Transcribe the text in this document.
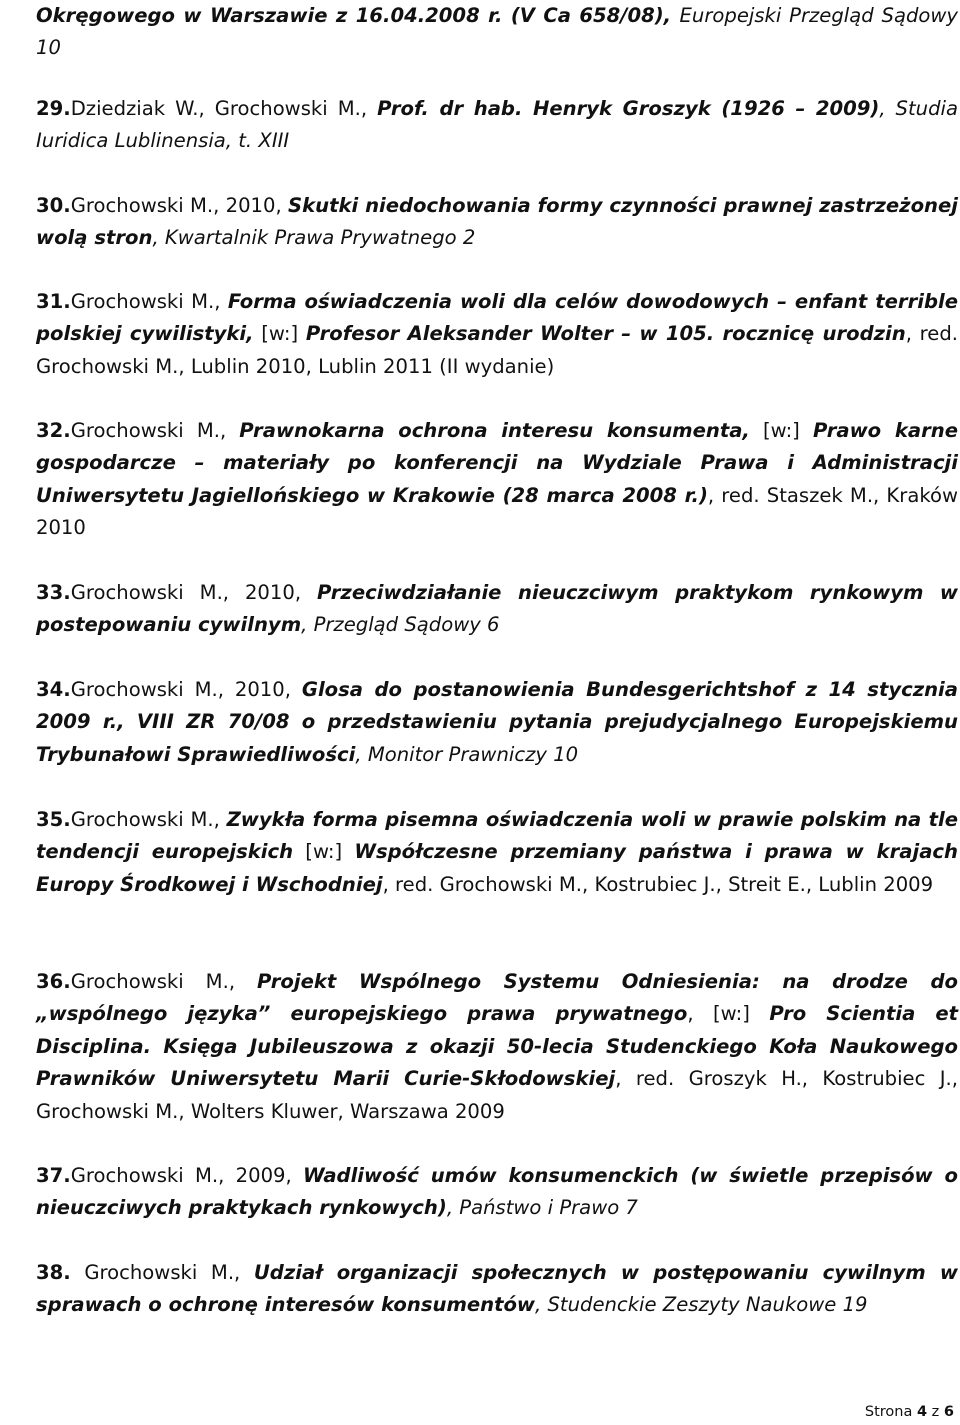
Okręgowego w Warszawie z 16.04.2008 r. (V Ca 658/08), Europejski Przegląd Sądowy 10
29.Dziedziak W., Grochowski M., Prof. dr hab. Henryk Groszyk (1926 – 2009), Studia Iuridica Lublinensia, t. XIII
30.Grochowski M., 2010, Skutki niedochowania formy czynności prawnej zastrzeżonej wolą stron, Kwartalnik Prawa Prywatnego 2
31.Grochowski M., Forma oświadczenia woli dla celów dowodowych – enfant terrible polskiej cywilistyki, [w:] Profesor Aleksander Wolter – w 105. rocznicę urodzin, red. Grochowski M., Lublin 2010, Lublin 2011 (II wydanie)
32.Grochowski M., Prawnokarna ochrona interesu konsumenta, [w:] Prawo karne gospodarcze – materiały po konferencji na Wydziale Prawa i Administracji Uniwersytetu Jagiellońskiego w Krakowie (28 marca 2008 r.), red. Staszek M., Kraków 2010
33.Grochowski M., 2010, Przeciwdziałanie nieuczciwym praktykom rynkowym w postepowaniu cywilnym, Przegląd Sądowy 6
34.Grochowski M., 2010, Glosa do postanowienia Bundesgerichtshof z 14 stycznia 2009 r., VIII ZR 70/08 o przedstawieniu pytania prejudycjalnego Europejskiemu Trybunałowi Sprawiedliwości, Monitor Prawniczy 10
35.Grochowski M., Zwykła forma pisemna oświadczenia woli w prawie polskim na tle tendencji europejskich [w:] Współczesne przemiany państwa i prawa w krajach Europy Środkowej i Wschodniej, red. Grochowski M., Kostrubiec J., Streit E., Lublin 2009
36.Grochowski M., Projekt Wspólnego Systemu Odniesienia: na drodze do „wspólnego języka” europejskiego prawa prywatnego, [w:] Pro Scientia et Disciplina. Księga Jubileuszowa z okazji 50-lecia Studenckiego Koła Naukowego Prawników Uniwersytetu Marii Curie-Skłodowskiej, red. Groszyk H., Kostrubiec J., Grochowski M., Wolters Kluwer, Warszawa 2009
37.Grochowski M., 2009, Wadliwość umów konsumenckich (w świetle przepisów o nieuczciwych praktykach rynkowych), Państwo i Prawo 7
38. Grochowski M., Udział organizacji społecznych w postępowaniu cywilnym w sprawach o ochronę interesów konsumentów, Studenckie Zeszyty Naukowe 19
Strona 4 z 6
